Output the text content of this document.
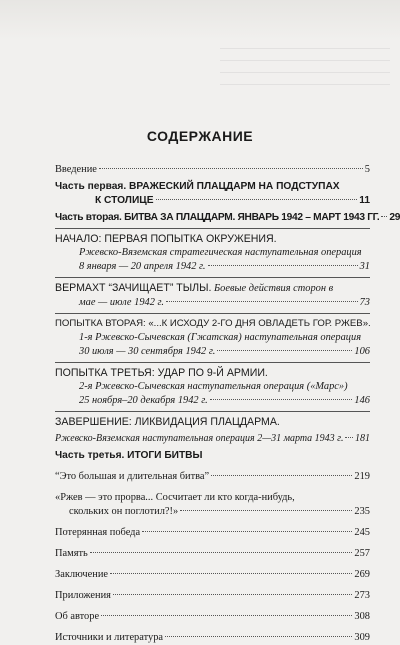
СОДЕРЖАНИЕ
Введение	5
Часть первая. ВРАЖЕСКИЙ ПЛАЦДАРМ НА ПОДСТУПАХ
К СТОЛИЦЕ	11
Часть вторая. БИТВА ЗА ПЛАЦДАРМ. ЯНВАРЬ 1942 – МАРТ 1943 ГГ. 29
НАЧАЛО: ПЕРВАЯ ПОПЫТКА ОКРУЖЕНИЯ.
Ржевско-Вяземская стратегическая наступательная операция
8 января — 20 апреля 1942 г.	31
ВЕРМАХТ “ЗАЧИЩАЕТ” ТЫЛЫ. Боевые действия сторон в
мае — июле 1942 г.	73
ПОПЫТКА ВТОРАЯ: «...К ИСХОДУ 2-ГО ДНЯ ОВЛАДЕТЬ ГОР. РЖЕВ».
1-я Ржевско-Сычевская (Гжатская) наступательная операция
30 июля — 30 сентября 1942 г.	106
ПОПЫТКА ТРЕТЬЯ: УДАР ПО 9-Й АРМИИ.
2-я Ржевско-Сычевская наступательная операция («Марс»)
25 ноября–20 декабря 1942 г.	146
ЗАВЕРШЕНИЕ: ЛИКВИДАЦИЯ ПЛАЦДАРМА.
Ржевско-Вяземская наступательная операция 2—31 марта 1943 г. 181
Часть третья. ИТОГИ БИТВЫ
“Это большая и длительная битва”	219
«Ржев — это прорва... Сосчитает ли кто когда-нибудь,
скольких он поглотил?!»	235
Потерянная победа	245
Память	257
Заключение	269
Приложения	273
Об авторе	308
Источники и литература	309
